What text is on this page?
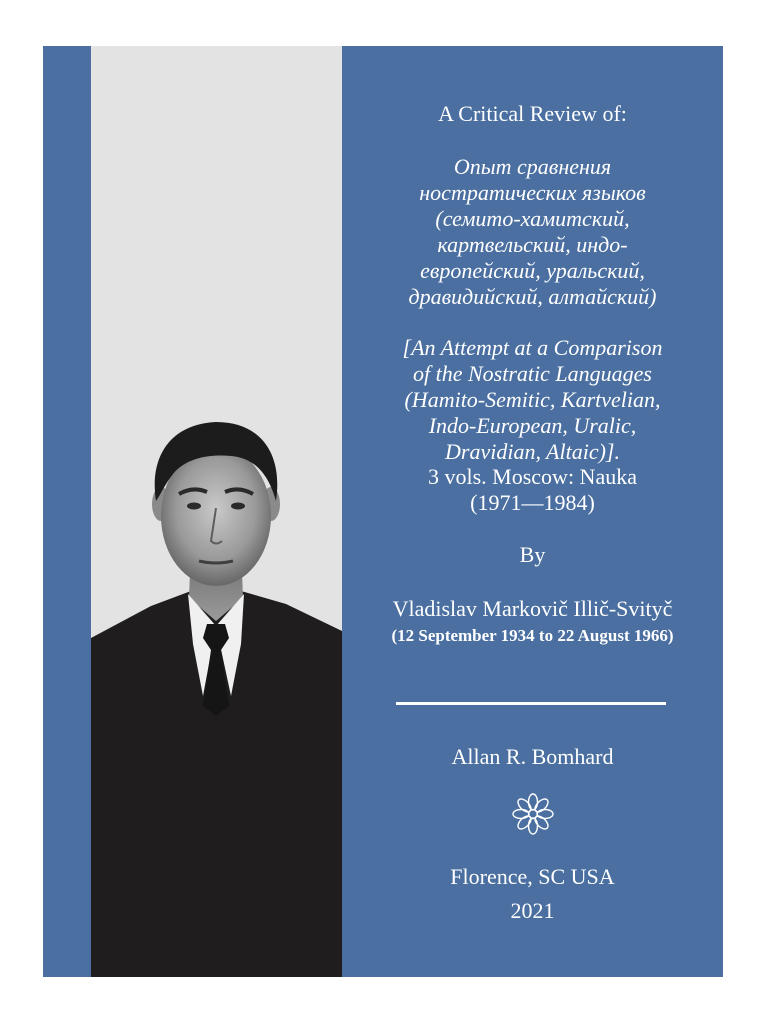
A Critical Review of:
Опыт сравнения
ностратических языков
(семито-хамитский,
картвельский, индо-
европейский, уральский,
дравидийский, алтайский)
[An Attempt at a Comparison
of the Nostratic Languages
(Hamito-Semitic, Kartvelian,
Indo-European, Uralic,
Dravidian, Altaic)].
3 vols. Moscow: Nauka
(1971—1984)
By
Vladislav Markovič Illič-Svityč
(12 September 1934 to 22 August 1966)
Allan R. Bomhard
Florence, SC USA
2021
